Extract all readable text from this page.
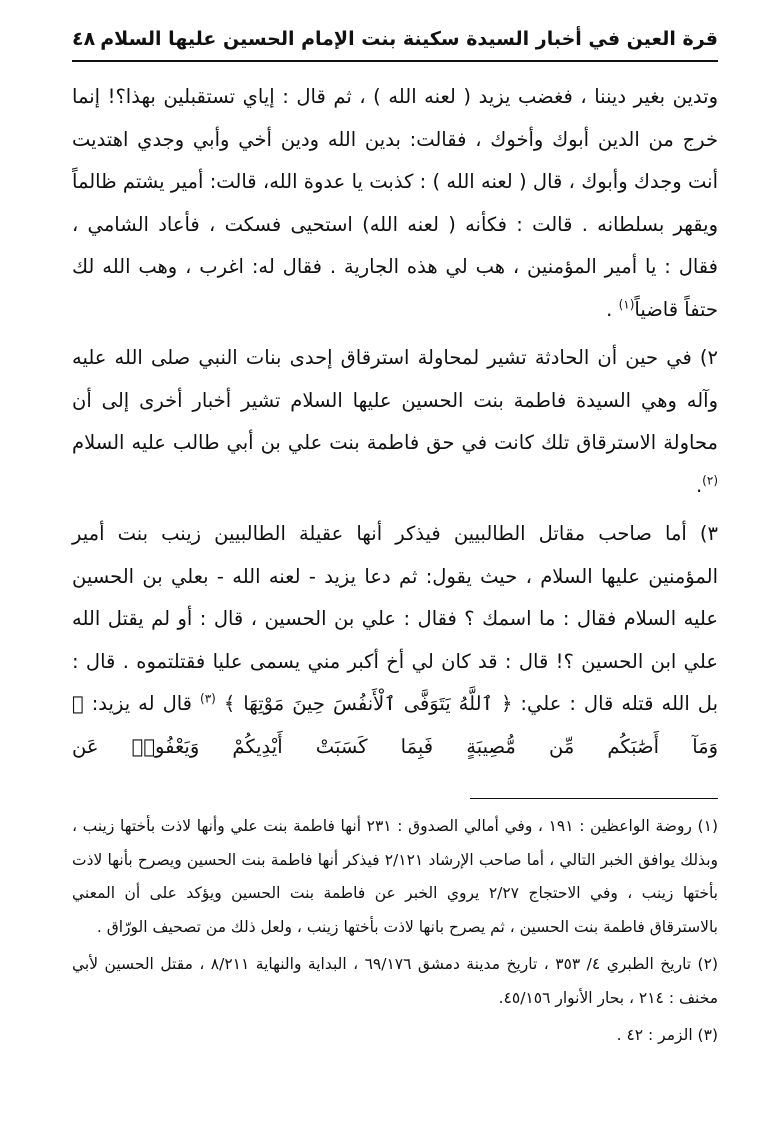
قرة العين في أخبار السيدة سكينة بنت الإمام الحسين عليها السلام
٤٨

وتدين بغير ديننا ، فغضب يزيد ( لعنه الله ) ، ثم قال : إياي تستقبلين بهذا؟! إنما خرج من الدين أبوك وأخوك ، فقالت: بدين الله ودين أخي وأبي وجدي اهتديت أنت وجدك وأبوك ، قال ( لعنه الله ) : كذبت يا عدوة الله، قالت: أمير يشتم ظالماً ويقهر بسلطانه . قالت : فكأنه ( لعنه الله) استحيى فسكت ، فأعاد الشامي ، فقال : يا أمير المؤمنين ، هب لي هذه الجارية . فقال له: اغرب ، وهب الله لك حتفاً قاضياً$^{(١)}$ .

٢) في حين أن الحادثة تشير لمحاولة استرقاق إحدى بنات النبي صلى الله عليه وآله وهي السيدة فاطمة بنت الحسين عليها السلام تشير أخبار أخرى إلى أن محاولة الاسترقاق تلك كانت في حق فاطمة بنت علي بن أبي طالب عليه السلام $^{(٢)}$.

٣) أما صاحب مقاتل الطالبيين فيذكر أنها عقيلة الطالبيين زينب بنت أمير المؤمنين عليها السلام ، حيث يقول: ثم دعا يزيد - لعنه الله - بعلي بن الحسين عليه السلام فقال : ما اسمك ؟ فقال : علي بن الحسين ، قال : أو لم يقتل الله علي ابن الحسين ؟! قال : قد كان لي أخ أكبر مني يسمى عليا فقتلتموه . قال : بل الله قتله قال : علي: ﴿ ٱللَّهُ يَتَوَفَّى ٱلْأَنفُسَ حِينَ مَوْتِهَا ﴾ $^{(٣)}$ قال له يزيد: ﴿ وَمَآ أَصَٰبَكُم مِّن مُّصِيبَةٍ فَبِمَا كَسَبَتْ أَيْدِيكُمْ وَيَعْفُوا۟ عَن

(١) روضة الواعظين : ١٩١ ، وفي أمالي الصدوق : ٢٣١ أنها فاطمة بنت علي وأنها لاذت بأختها زينب ، وبذلك يوافق الخبر التالي ، أما صاحب الإرشاد ٢/١٢١ فيذكر أنها فاطمة بنت الحسين ويصرح بأنها لاذت بأختها زينب ، وفي الاحتجاج ٢/٢٧ يروي الخبر عن فاطمة بنت الحسين ويؤكد على أن المعني بالاسترقاق فاطمة بنت الحسين ، ثم يصرح بانها لاذت بأختها زينب ، ولعل ذلك من تصحيف الورّاق .

(٢) تاريخ الطبري ٤/ ٣٥٣ ، تاريخ مدينة دمشق ٦٩/١٧٦ ، البداية والنهاية ٨/٢١١ ، مقتل الحسين لأبي مخنف : ٢١٤ ، بحار الأنوار ٤٥/١٥٦.

(٣) الزمر : ٤٢ .
